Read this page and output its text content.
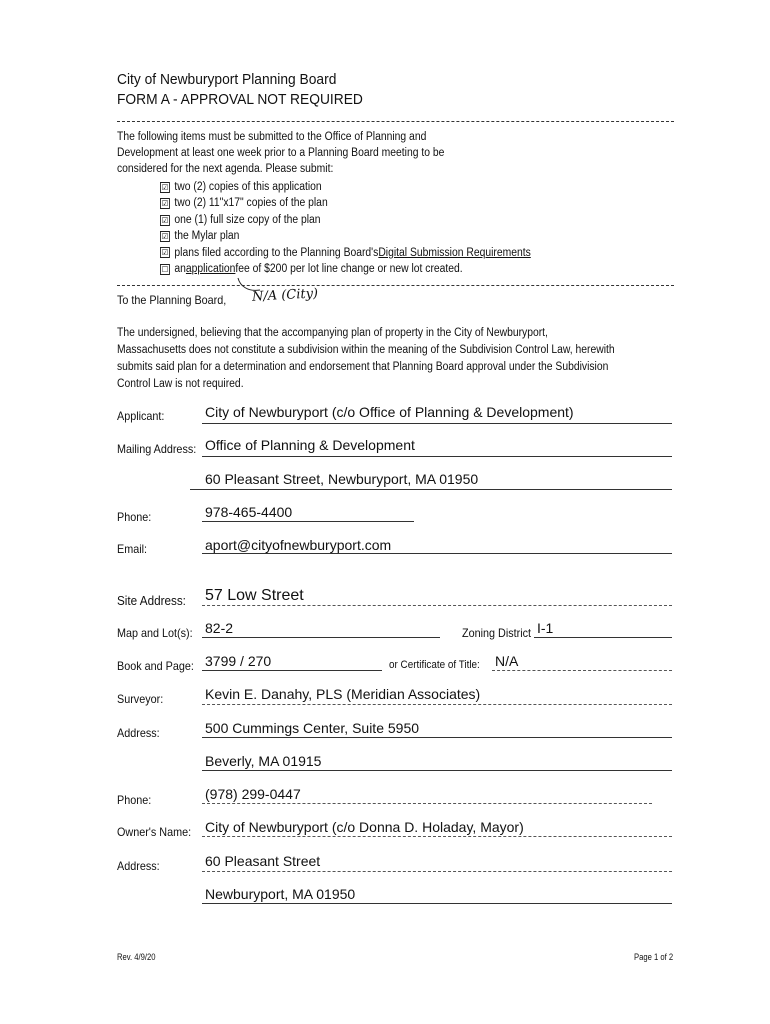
City of Newburyport Planning Board
FORM A - APPROVAL NOT REQUIRED
The following items must be submitted to the Office of Planning and
Development at least one week prior to a Planning Board meeting to be
considered for the next agenda. Please submit:
☑ two (2) copies of this application
☑ two (2) 11"x17" copies of the plan
☑ one (1) full size copy of the plan
☑ the Mylar plan
☑ plans filed according to the Planning Board's Digital Submission Requirements
☐ an application fee of $200 per lot line change or new lot created.
To the Planning Board, N/A (City)
The undersigned, believing that the accompanying plan of property in the City of Newburyport,
Massachusetts does not constitute a subdivision within the meaning of the Subdivision Control Law, herewith
submits said plan for a determination and endorsement that Planning Board approval under the Subdivision
Control Law is not required.
Applicant:	City of Newburyport (c/o Office of Planning & Development)
Mailing Address: Office of Planning & Development
60 Pleasant Street, Newburyport, MA 01950
Phone:	978-465-4400
Email:	aport@cityofnewburyport.com
Site Address: 57 Low Street
Map and Lot(s): 82-2	Zoning District I-1
Book and Page: 3799 / 270	or Certificate of Title: N/A
Surveyor:	Kevin E. Danahy, PLS (Meridian Associates)
Address:	500 Cummings Center, Suite 5950
Beverly, MA 01915
Phone:	(978) 299-0447
Owner's Name: City of Newburyport (c/o Donna D. Holaday, Mayor)
Address:	60 Pleasant Street
Newburyport, MA 01950
Rev. 4/9/20	Page 1 of 2
